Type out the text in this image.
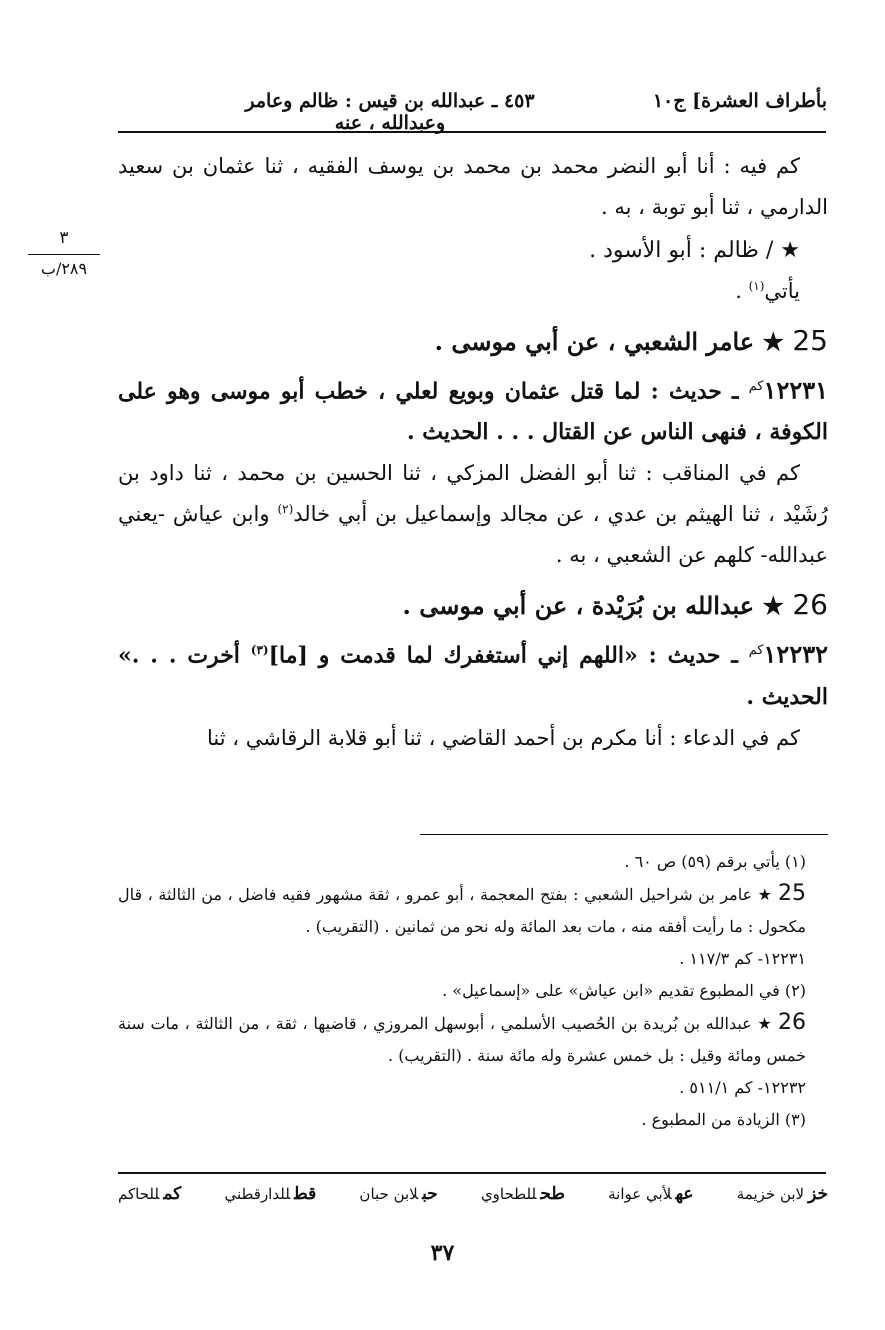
بأطراف العشرة] ج١٠
٤٥٣ ـ عبدالله بن قيس : ظالم وعامر وعبدالله ، عنه
٣
٢٨٩/ب

كم فيه : أنا أبو النضر محمد بن محمد بن يوسف الفقيه ، ثنا عثمان بن سعيد الدارمي ، ثنا أبو توبة ، به .

★ / ظالم : أبو الأسود .

يأتي$^{(١)}$ .

25 ★ عامر الشعبي ، عن أبي موسى .

$١٢٢٣١^{كم}$ ـ حديث : لما قتل عثمان وبويع لعلي ، خطب أبو موسى وهو على الكوفة ، فنهى الناس عن القتال . . . الحديث .

كم في المناقب : ثنا أبو الفضل المزكي ، ثنا الحسين بن محمد ، ثنا داود بن رُشَيْد ، ثنا الهيثم بن عدي ، عن مجالد وإسماعيل بن أبي خالد$^{(٢)}$ وابن عياش -يعني عبدالله- كلهم عن الشعبي ، به .

26 ★ عبدالله بن بُرَيْدة ، عن أبي موسى .

$١٢٢٣٢^{كم}$ ـ حديث : «اللهم إني أستغفرك لما قدمت و [ما]$^{(٣)}$ أخرت . . .» الحديث .

كم في الدعاء : أنا مكرم بن أحمد القاضي ، ثنا أبو قلابة الرقاشي ، ثنا

(١) يأتي برقم (٥٩) ص ٦٠ .

25 ★ عامر بن شراحيل الشعبي : بفتح المعجمة ، أبو عمرو ، ثقة مشهور فقيه فاضل ، من الثالثة ، قال مكحول : ما رأيت أفقه منه ، مات بعد المائة وله نحو من ثمانين . (التقريب) .

١٢٢٣١- كم ١١٧/٣ .

(٢) في المطبوع تقديم «ابن عياش» على «إسماعيل» .

26 ★ عبدالله بن بُريدة بن الحُصيب الأسلمي ، أبوسهل المروزي ، قاضيها ، ثقة ، من الثالثة ، مات سنة خمس ومائة وقيل : بل خمس عشرة وله مائة سنة . (التقريب) .

١٢٢٣٢- كم ٥١١/١ .

(٣) الزيادة من المطبوع .

خزلابن خزيمة
عهلأبي عوانة
طحللطحاوي
حبلابن حبان
قطللدارقطني
كمللحاكم
٣٧
